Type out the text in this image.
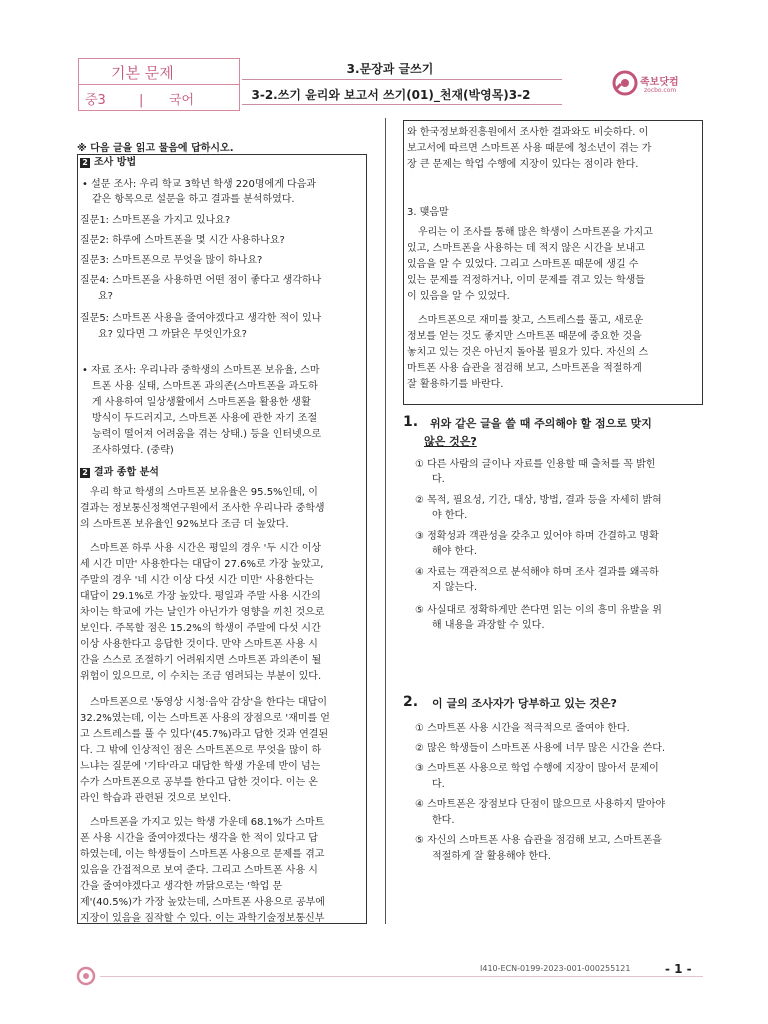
기본 문제
중3	| 국어
3.문장과 글쓰기
3-2.쓰기 윤리와 보고서 쓰기(01)_천재(박영목)3-2
족보닷컴
zocbo.com
※ 다음 글을 읽고 물음에 답하시오.
2 조사 방법
• 설문 조사: 우리 학교 3학년 학생 220명에게 다음과
같은 항목으로 설문을 하고 결과를 분석하였다.
질문1: 스마트폰을 가지고 있나요?
질문2: 하루에 스마트폰을 몇 시간 사용하나요?
질문3: 스마트폰으로 무엇을 많이 하나요?
질문4: 스마트폰을 사용하면 어떤 점이 좋다고 생각하나
요?
질문5: 스마트폰 사용을 줄여야겠다고 생각한 적이 있나
요? 있다면 그 까닭은 무엇인가요?
• 자료 조사: 우리나라 중학생의 스마트폰 보유율, 스마
트폰 사용 실태, 스마트폰 과의존(스마트폰을 과도하
게 사용하여 일상생활에서 스마트폰을 활용한 생활
방식이 두드러지고, 스마트폰 사용에 관한 자기 조절
능력이 떨어져 어려움을 겪는 상태.) 등을 인터넷으로
조사하였다. (중략)
2 결과 종합 분석
우리 학교 학생의 스마트폰 보유율은 95.5%인데, 이
결과는 정보통신정책연구원에서 조사한 우리나라 중학생
의 스마트폰 보유율인 92%보다 조금 더 높았다.
스마트폰 하루 사용 시간은 평일의 경우 '두 시간 이상
세 시간 미만' 사용한다는 대답이 27.6%로 가장 높았고,
주말의 경우 '네 시간 이상 다섯 시간 미만' 사용한다는
대답이 29.1%로 가장 높았다. 평일과 주말 사용 시간의
차이는 학교에 가는 날인가 아닌가가 영향을 끼친 것으로
보인다. 주목할 점은 15.2%의 학생이 주말에 다섯 시간
이상 사용한다고 응답한 것이다. 만약 스마트폰 사용 시
간을 스스로 조절하기 어려워지면 스마트폰 과의존이 될
위험이 있으므로, 이 수치는 조금 염려되는 부분이 있다.
스마트폰으로 '동영상 시청·음악 감상'을 한다는 대답이
32.2%였는데, 이는 스마트폰 사용의 장점으로 '재미를 얻
고 스트레스를 풀 수 있다'(45.7%)라고 답한 것과 연결된
다. 그 밖에 인상적인 점은 스마트폰으로 무엇을 많이 하
느냐는 질문에 '기타'라고 대답한 학생 가운데 반이 넘는
수가 스마트폰으로 공부를 한다고 답한 것이다. 이는 온
라인 학습과 관련된 것으로 보인다.
스마트폰을 가지고 있는 학생 가운데 68.1%가 스마트
폰 사용 시간을 줄여야겠다는 생각을 한 적이 있다고 답
하였는데, 이는 학생들이 스마트폰 사용으로 문제를 겪고
있음을 간접적으로 보여 준다. 그리고 스마트폰 사용 시
간을 줄여야겠다고 생각한 까닭으로는 '학업 문
제'(40.5%)가 가장 높았는데, 스마트폰 사용으로 공부에
지장이 있음을 짐작할 수 있다. 이는 과학기술정보통신부
와 한국정보화진흥원에서 조사한 결과와도 비슷하다. 이
보고서에 따르면 스마트폰 사용 때문에 청소년이 겪는 가
장 큰 문제는 학업 수행에 지장이 있다는 점이라 한다.
3. 맺음말
우리는 이 조사를 통해 많은 학생이 스마트폰을 가지고
있고, 스마트폰을 사용하는 데 적지 않은 시간을 보내고
있음을 알 수 있었다. 그리고 스마트폰 때문에 생길 수
있는 문제를 걱정하거나, 이미 문제를 겪고 있는 학생들
이 있음을 알 수 있었다.
스마트폰으로 재미를 찾고, 스트레스를 풀고, 새로운
정보를 얻는 것도 좋지만 스마트폰 때문에 중요한 것을
놓치고 있는 것은 아닌지 돌아볼 필요가 있다. 자신의 스
마트폰 사용 습관을 점검해 보고, 스마트폰을 적절하게
잘 활용하기를 바란다.
1. 위와 같은 글을 쓸 때 주의해야 할 점으로 맞지
않은 것은?
① 다른 사람의 글이나 자료를 인용할 때 출처를 꼭 밝힌
다.
② 목적, 필요성, 기간, 대상, 방법, 결과 등을 자세히 밝혀
야 한다.
③ 정확성과 객관성을 갖추고 있어야 하며 간결하고 명확
해야 한다.
④ 자료는 객관적으로 분석해야 하며 조사 결과를 왜곡하
지 않는다.
⑤ 사실대로 정확하게만 쓴다면 읽는 이의 흥미 유발을 위
해 내용을 과장할 수 있다.
2. 이 글의 조사자가 당부하고 있는 것은?
① 스마트폰 사용 시간을 적극적으로 줄여야 한다.
② 많은 학생들이 스마트폰 사용에 너무 많은 시간을 쓴다.
③ 스마트폰 사용으로 학업 수행에 지장이 많아서 문제이
다.
④ 스마트폰은 장점보다 단점이 많으므로 사용하지 말아야
한다.
⑤ 자신의 스마트폰 사용 습관을 점검해 보고, 스마트폰을
적절하게 잘 활용해야 한다.
I410-ECN-0199-2023-001-000255121	- 1 -
